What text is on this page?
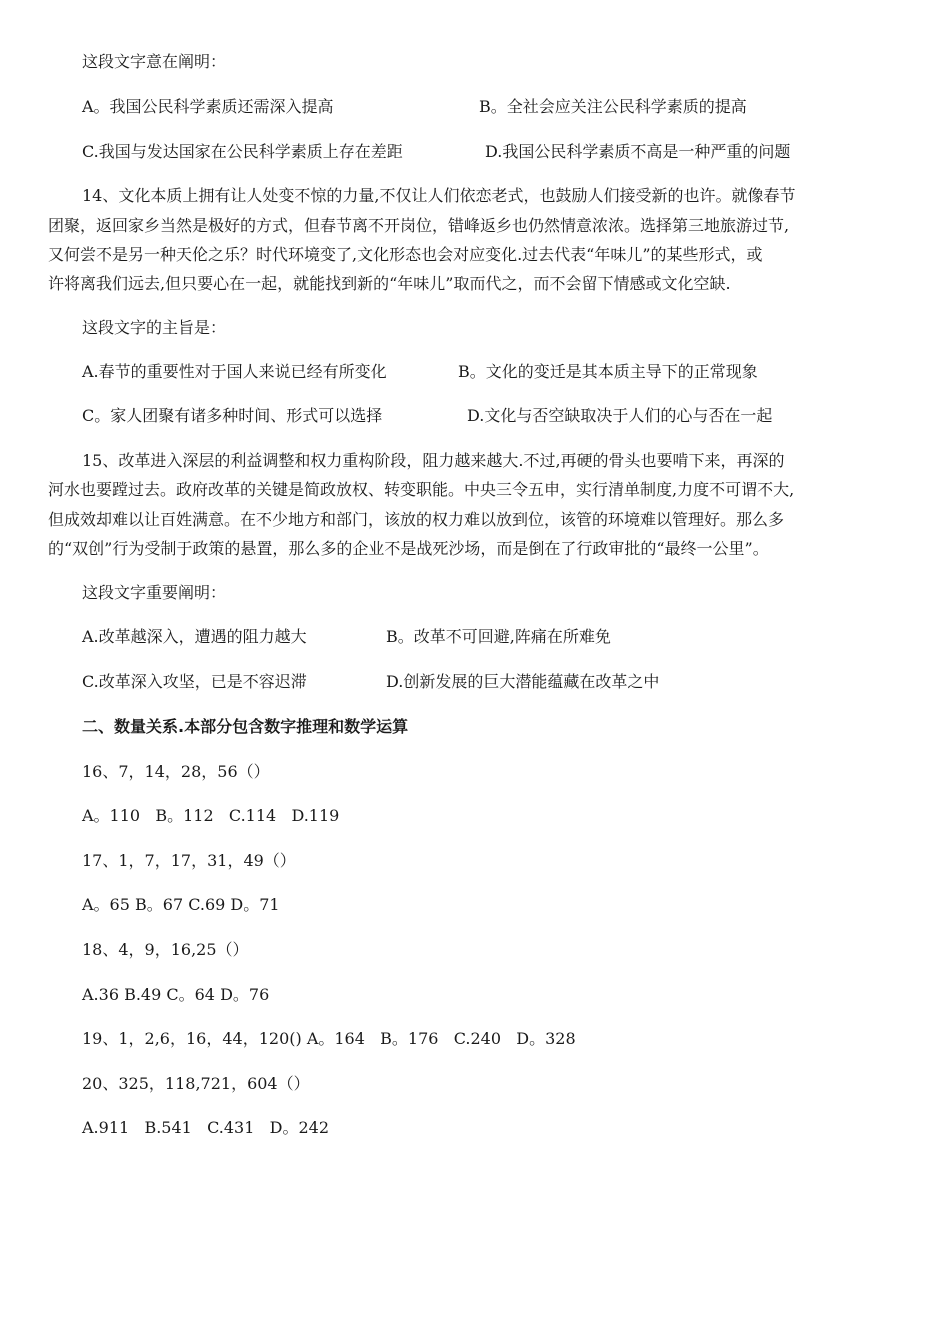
这段文字意在阐明：
A。我国公民科学素质还需深入提高	B。全社会应关注公民科学素质的提高
C.我国与发达国家在公民科学素质上存在差距	D.我国公民科学素质不高是一种严重的问题
14、文化本质上拥有让人处变不惊的力量,不仅让人们依恋老式，也鼓励人们接受新的也许。就像春节
团聚，返回家乡当然是极好的方式，但春节离不开岗位，错峰返乡也仍然情意浓浓。选择第三地旅游过节,
又何尝不是另一种天伦之乐？时代环境变了,文化形态也会对应变化.过去代表“年味儿”的某些形式，或
许将离我们远去,但只要心在一起，就能找到新的“年味儿”取而代之，而不会留下情感或文化空缺.
这段文字的主旨是：
A.春节的重要性对于国人来说已经有所变化	B。文化的变迁是其本质主导下的正常现象
C。家人团聚有诸多种时间、形式可以选择	D.文化与否空缺取决于人们的心与否在一起
15、改革进入深层的利益调整和权力重构阶段，阻力越来越大.不过,再硬的骨头也要啃下来，再深的
河水也要蹚过去。政府改革的关键是简政放权、转变职能。中央三令五申，实行清单制度,力度不可谓不大,
但成效却难以让百姓满意。在不少地方和部门，该放的权力难以放到位，该管的环境难以管理好。那么多
的“双创”行为受制于政策的悬置，那么多的企业不是战死沙场，而是倒在了行政审批的“最终一公里”。
这段文字重要阐明：
A.改革越深入，遭遇的阻力越大	B。改革不可回避,阵痛在所难免
C.改革深入攻坚，已是不容迟滞	D.创新发展的巨大潜能蕴藏在改革之中
二、数量关系.本部分包含数字推理和数学运算
16、7，14，28，56（）
A。110   B。112   C.114   D.119
17、1，7，17，31，49（）
A。65 B。67 C.69 D。71
18、4，9，16,25（）
A.36 B.49 C。64 D。76
19、1，2,6，16，44，120() A。164   B。176   C.240   D。328
20、325，118,721，604（）
A.911   B.541   C.431   D。242
